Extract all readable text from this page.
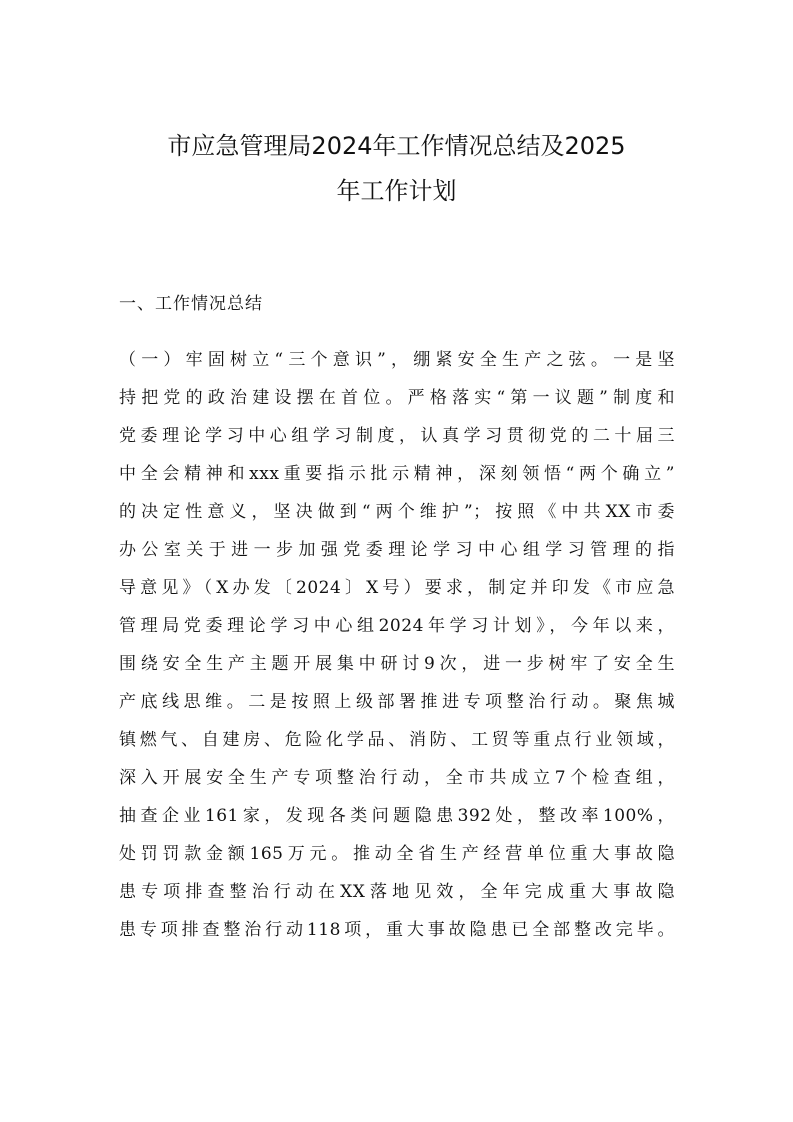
市应急管理局2024年工作情况总结及2025
年工作计划
一、工作情况总结
（一）牢固树立“三个意识”，绷紧安全生产之弦。一是坚
持把党的政治建设摆在首位。严格落实“第一议题”制度和
党委理论学习中心组学习制度，认真学习贯彻党的二十届三
中全会精神和xxx重要指示批示精神，深刻领悟“两个确立”
的决定性意义，坚决做到“两个维护”；按照《中共XX市委
办公室关于进一步加强党委理论学习中心组学习管理的指
导意见》（X办发〔2024〕X号）要求，制定并印发《市应急
管理局党委理论学习中心组2024年学习计划》，今年以来，
围绕安全生产主题开展集中研讨9次，进一步树牢了安全生
产底线思维。二是按照上级部署推进专项整治行动。聚焦城
镇燃气、自建房、危险化学品、消防、工贸等重点行业领域，
深入开展安全生产专项整治行动，全市共成立7个检查组，
抽查企业161家，发现各类问题隐患392处，整改率100%，
处罚罚款金额165万元。推动全省生产经营单位重大事故隐
患专项排查整治行动在XX落地见效，全年完成重大事故隐
患专项排查整治行动118项，重大事故隐患已全部整改完毕。
